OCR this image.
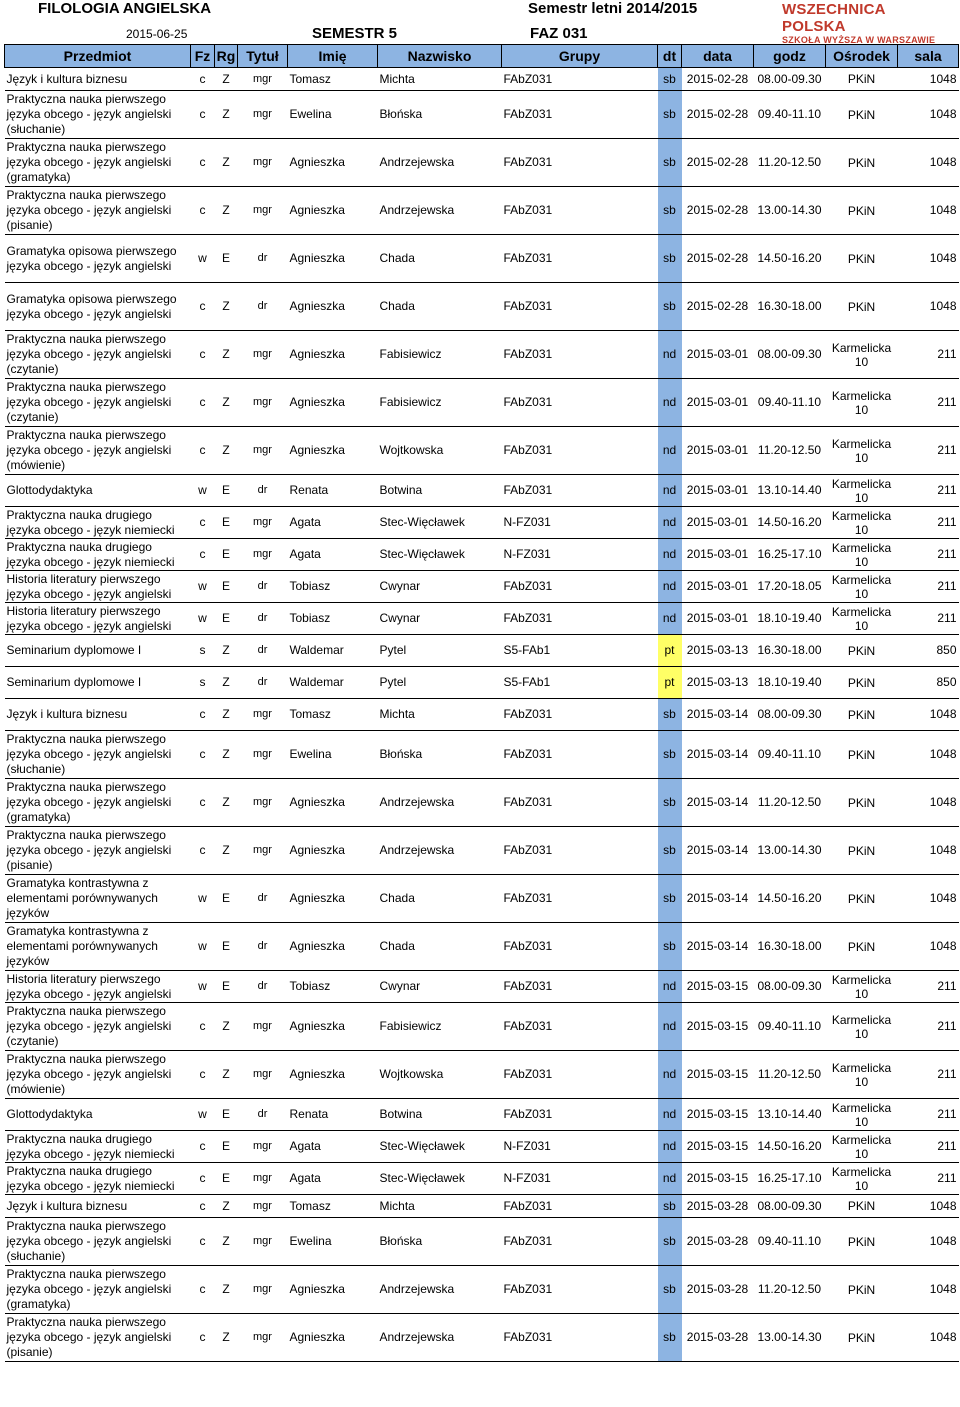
FILOLOGIA ANGIELSKA	Semestr letni 2014/2015
2015-06-25	SEMESTR 5	FAZ 031
WSZECHNICA POLSKA
SZKOŁA WYŻSZA W WARSZAWIE
Przedmiot	Fz	Rg	Tytuł	Imię	Nazwisko	Grupy	dt	data	godz	Ośrodek	sala
Język i kultura biznesu	c	Z	mgr	Tomasz	Michta	FAbZ031	sb	2015-02-28	08.00-09.30	PKiN	1048
Praktyczna nauka pierwszego języka obcego - język angielski (słuchanie)	c	Z	mgr	Ewelina	Błońska	FAbZ031	sb	2015-02-28	09.40-11.10	PKiN	1048
Praktyczna nauka pierwszego języka obcego - język angielski (gramatyka)	c	Z	mgr	Agnieszka	Andrzejewska	FAbZ031	sb	2015-02-28	11.20-12.50	PKiN	1048
Praktyczna nauka pierwszego języka obcego - język angielski (pisanie)	c	Z	mgr	Agnieszka	Andrzejewska	FAbZ031	sb	2015-02-28	13.00-14.30	PKiN	1048
Gramatyka opisowa pierwszego języka obcego - język angielski	w	E	dr	Agnieszka	Chada	FAbZ031	sb	2015-02-28	14.50-16.20	PKiN	1048
Gramatyka opisowa pierwszego języka obcego - język angielski	c	Z	dr	Agnieszka	Chada	FAbZ031	sb	2015-02-28	16.30-18.00	PKiN	1048
Praktyczna nauka pierwszego języka obcego - język angielski (czytanie)	c	Z	mgr	Agnieszka	Fabisiewicz	FAbZ031	nd	2015-03-01	08.00-09.30	Karmelicka 10	211
Praktyczna nauka pierwszego języka obcego - język angielski (czytanie)	c	Z	mgr	Agnieszka	Fabisiewicz	FAbZ031	nd	2015-03-01	09.40-11.10	Karmelicka 10	211
Praktyczna nauka pierwszego języka obcego - język angielski (mówienie)	c	Z	mgr	Agnieszka	Wojtkowska	FAbZ031	nd	2015-03-01	11.20-12.50	Karmelicka 10	211
Glottodydaktyka	w	E	dr	Renata	Botwina	FAbZ031	nd	2015-03-01	13.10-14.40	Karmelicka 10	211
Praktyczna nauka drugiego języka obcego - język niemiecki	c	E	mgr	Agata	Stec-Więcławek	N-FZ031	nd	2015-03-01	14.50-16.20	Karmelicka 10	211
Praktyczna nauka drugiego języka obcego - język niemiecki	c	E	mgr	Agata	Stec-Więcławek	N-FZ031	nd	2015-03-01	16.25-17.10	Karmelicka 10	211
Historia literatury pierwszego języka obcego - język angielski	w	E	dr	Tobiasz	Cwynar	FAbZ031	nd	2015-03-01	17.20-18.05	Karmelicka 10	211
Historia literatury pierwszego języka obcego - język angielski	w	E	dr	Tobiasz	Cwynar	FAbZ031	nd	2015-03-01	18.10-19.40	Karmelicka 10	211
Seminarium dyplomowe I	s	Z	dr	Waldemar	Pytel	S5-FAb1	pt	2015-03-13	16.30-18.00	PKiN	850
Seminarium dyplomowe I	s	Z	dr	Waldemar	Pytel	S5-FAb1	pt	2015-03-13	18.10-19.40	PKiN	850
Język i kultura biznesu	c	Z	mgr	Tomasz	Michta	FAbZ031	sb	2015-03-14	08.00-09.30	PKiN	1048
Praktyczna nauka pierwszego języka obcego - język angielski (słuchanie)	c	Z	mgr	Ewelina	Błońska	FAbZ031	sb	2015-03-14	09.40-11.10	PKiN	1048
Praktyczna nauka pierwszego języka obcego - język angielski (gramatyka)	c	Z	mgr	Agnieszka	Andrzejewska	FAbZ031	sb	2015-03-14	11.20-12.50	PKiN	1048
Praktyczna nauka pierwszego języka obcego - język angielski (pisanie)	c	Z	mgr	Agnieszka	Andrzejewska	FAbZ031	sb	2015-03-14	13.00-14.30	PKiN	1048
Gramatyka kontrastywna z elementami porównywanych języków	w	E	dr	Agnieszka	Chada	FAbZ031	sb	2015-03-14	14.50-16.20	PKiN	1048
Gramatyka kontrastywna z elementami porównywanych języków	w	E	dr	Agnieszka	Chada	FAbZ031	sb	2015-03-14	16.30-18.00	PKiN	1048
Historia literatury pierwszego języka obcego - język angielski	w	E	dr	Tobiasz	Cwynar	FAbZ031	nd	2015-03-15	08.00-09.30	Karmelicka 10	211
Praktyczna nauka pierwszego języka obcego - język angielski (czytanie)	c	Z	mgr	Agnieszka	Fabisiewicz	FAbZ031	nd	2015-03-15	09.40-11.10	Karmelicka 10	211
Praktyczna nauka pierwszego języka obcego - język angielski (mówienie)	c	Z	mgr	Agnieszka	Wojtkowska	FAbZ031	nd	2015-03-15	11.20-12.50	Karmelicka 10	211
Glottodydaktyka	w	E	dr	Renata	Botwina	FAbZ031	nd	2015-03-15	13.10-14.40	Karmelicka 10	211
Praktyczna nauka drugiego języka obcego - język niemiecki	c	E	mgr	Agata	Stec-Więcławek	N-FZ031	nd	2015-03-15	14.50-16.20	Karmelicka 10	211
Praktyczna nauka drugiego języka obcego - język niemiecki	c	E	mgr	Agata	Stec-Więcławek	N-FZ031	nd	2015-03-15	16.25-17.10	Karmelicka 10	211
Język i kultura biznesu	c	Z	mgr	Tomasz	Michta	FAbZ031	sb	2015-03-28	08.00-09.30	PKiN	1048
Praktyczna nauka pierwszego języka obcego - język angielski (słuchanie)	c	Z	mgr	Ewelina	Błońska	FAbZ031	sb	2015-03-28	09.40-11.10	PKiN	1048
Praktyczna nauka pierwszego języka obcego - język angielski (gramatyka)	c	Z	mgr	Agnieszka	Andrzejewska	FAbZ031	sb	2015-03-28	11.20-12.50	PKiN	1048
Praktyczna nauka pierwszego języka obcego - język angielski (pisanie)	c	Z	mgr	Agnieszka	Andrzejewska	FAbZ031	sb	2015-03-28	13.00-14.30	PKiN	1048
